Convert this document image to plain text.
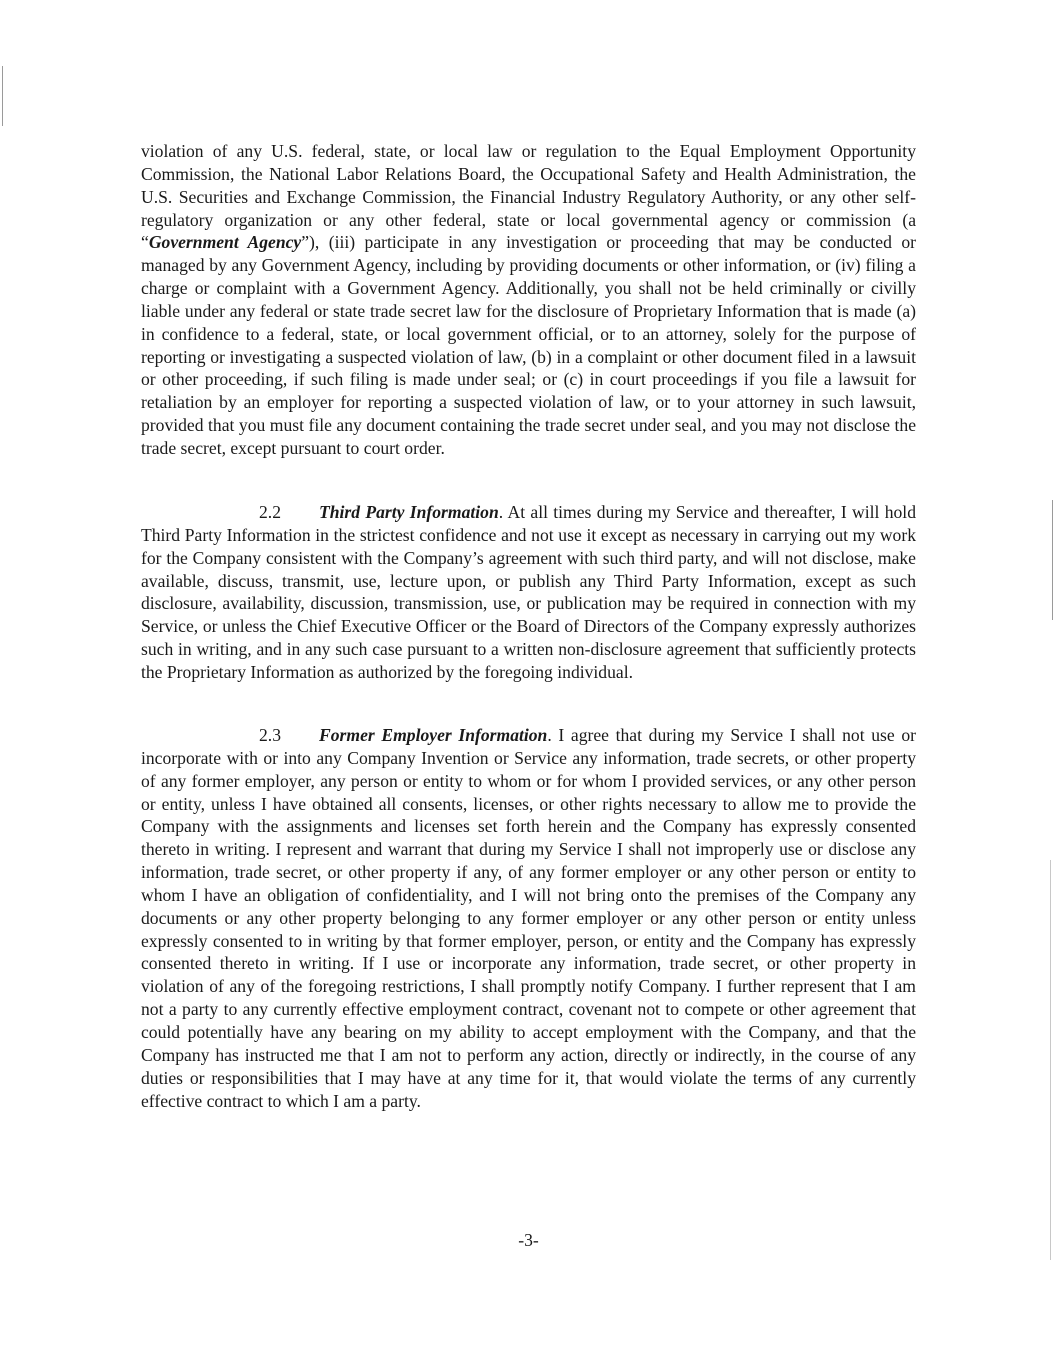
violation of any U.S. federal, state, or local law or regulation to the Equal Employment Opportunity Commission, the National Labor Relations Board, the Occupational Safety and Health Administration, the U.S. Securities and Exchange Commission, the Financial Industry Regulatory Authority, or any other self-regulatory organization or any other federal, state or local governmental agency or commission (a “Government Agency”), (iii) participate in any investigation or proceeding that may be conducted or managed by any Government Agency, including by providing documents or other information, or (iv) filing a charge or complaint with a Government Agency. Additionally, you shall not be held criminally or civilly liable under any federal or state trade secret law for the disclosure of Proprietary Information that is made (a) in confidence to a federal, state, or local government official, or to an attorney, solely for the purpose of reporting or investigating a suspected violation of law, (b) in a complaint or other document filed in a lawsuit or other proceeding, if such filing is made under seal; or (c) in court proceedings if you file a lawsuit for retaliation by an employer for reporting a suspected violation of law, or to your attorney in such lawsuit, provided that you must file any document containing the trade secret under seal, and you may not disclose the trade secret, except pursuant to court order.

2.2 Third Party Information. At all times during my Service and thereafter, I will hold Third Party Information in the strictest confidence and not use it except as necessary in carrying out my work for the Company consistent with the Company’s agreement with such third party, and will not disclose, make available, discuss, transmit, use, lecture upon, or publish any Third Party Information, except as such disclosure, availability, discussion, transmission, use, or publication may be required in connection with my Service, or unless the Chief Executive Officer or the Board of Directors of the Company expressly authorizes such in writing, and in any such case pursuant to a written non-disclosure agreement that sufficiently protects the Proprietary Information as authorized by the foregoing individual.

2.3 Former Employer Information. I agree that during my Service I shall not use or incorporate with or into any Company Invention or Service any information, trade secrets, or other property of any former employer, any person or entity to whom or for whom I provided services, or any other person or entity, unless I have obtained all consents, licenses, or other rights necessary to allow me to provide the Company with the assignments and licenses set forth herein and the Company has expressly consented thereto in writing. I represent and warrant that during my Service I shall not improperly use or disclose any information, trade secret, or other property if any, of any former employer or any other person or entity to whom I have an obligation of confidentiality, and I will not bring onto the premises of the Company any documents or any other property belonging to any former employer or any other person or entity unless expressly consented to in writing by that former employer, person, or entity and the Company has expressly consented thereto in writing. If I use or incorporate any information, trade secret, or other property in violation of any of the foregoing restrictions, I shall promptly notify Company. I further represent that I am not a party to any currently effective employment contract, covenant not to compete or other agreement that could potentially have any bearing on my ability to accept employment with the Company, and that the Company has instructed me that I am not to perform any action, directly or indirectly, in the course of any duties or responsibilities that I may have at any time for it, that would violate the terms of any currently effective contract to which I am a party.

-3-
